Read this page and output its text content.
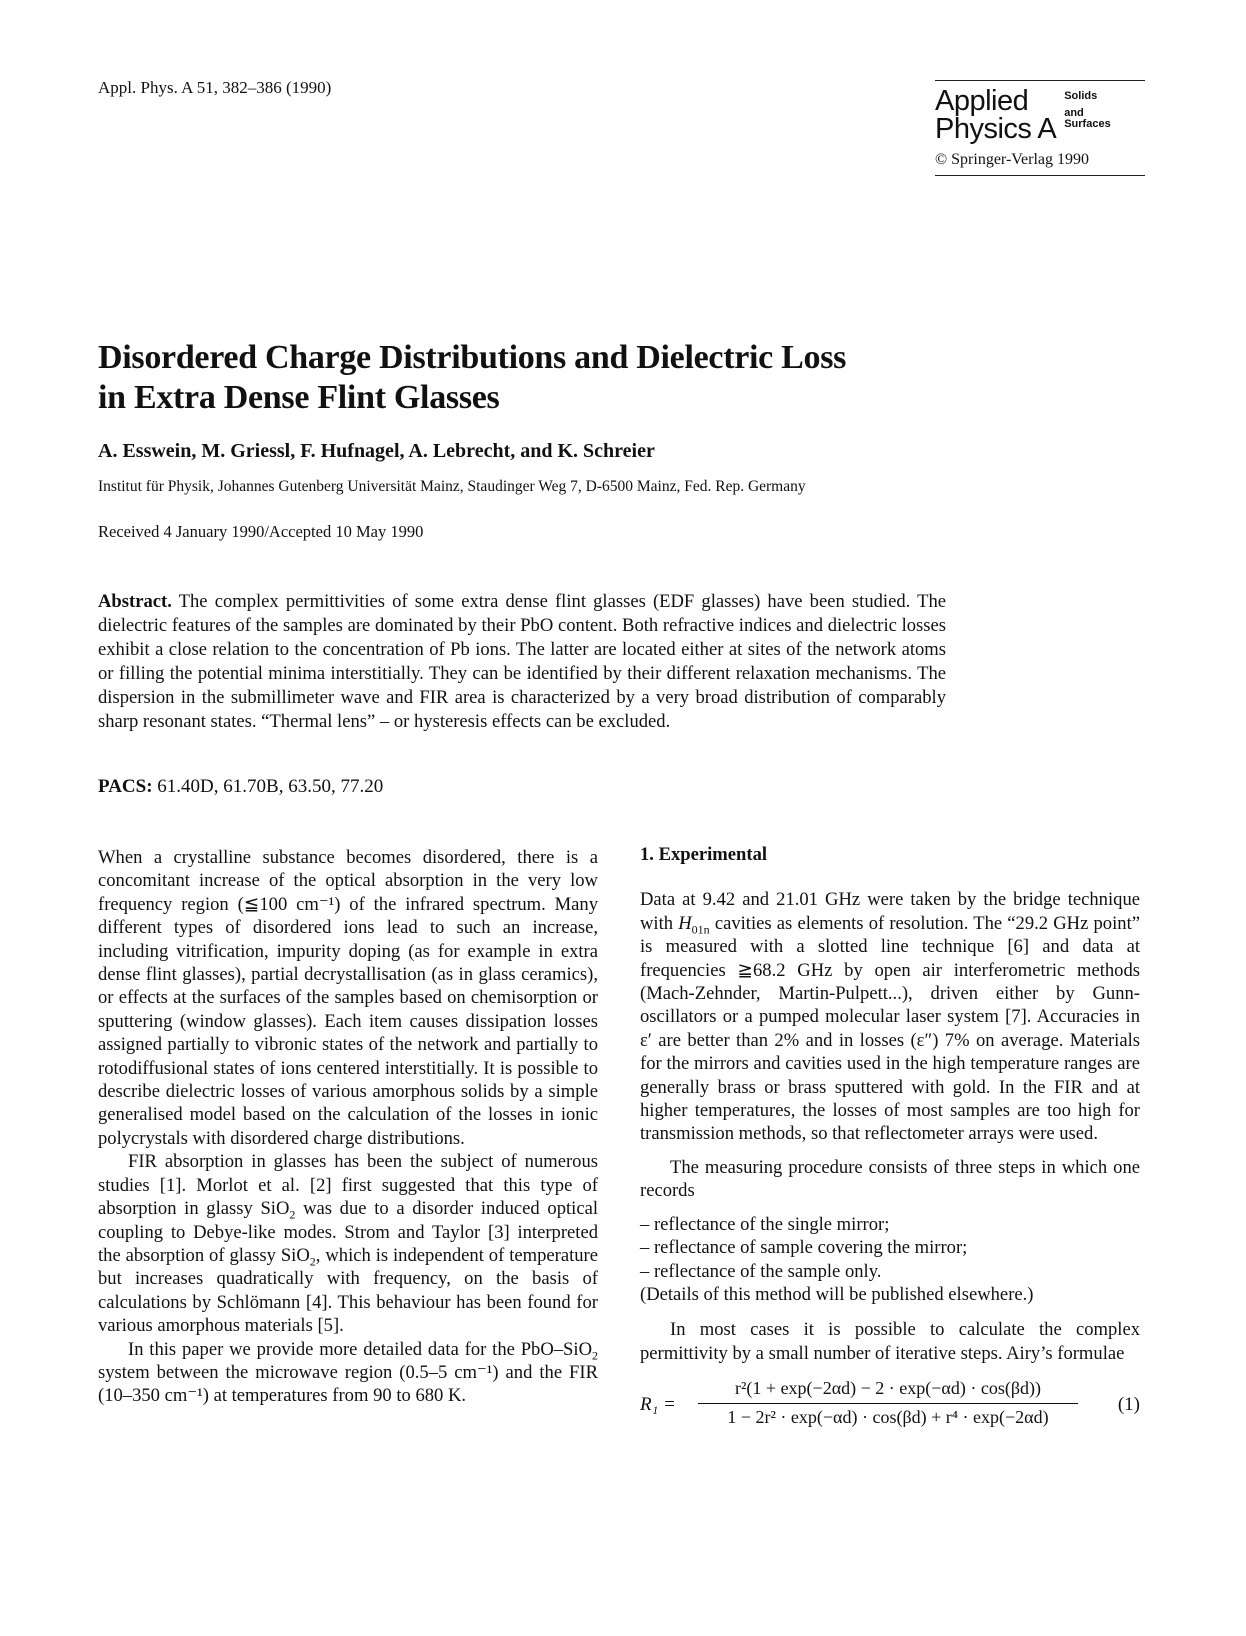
Appl. Phys. A 51, 382–386 (1990)	Applied
Physics A
Solids
and
Surfaces
© Springer-Verlag 1990
Disordered Charge Distributions and Dielectric Loss
in Extra Dense Flint Glasses
A. Esswein, M. Griessl, F. Hufnagel, A. Lebrecht, and K. Schreier
Institut für Physik, Johannes Gutenberg Universität Mainz, Staudinger Weg 7, D-6500 Mainz, Fed. Rep. Germany
Received 4 January 1990/Accepted 10 May 1990
Abstract. The complex permittivities of some extra dense flint glasses (EDF glasses) have been studied. The dielectric features of the samples are dominated by their PbO content. Both refractive indices and dielectric losses exhibit a close relation to the concentration of Pb ions. The latter are located either at sites of the network atoms or filling the potential minima interstitially. They can be identified by their different relaxation mechanisms. The dispersion in the submillimeter wave and FIR area is characterized by a very broad distribution of comparably sharp resonant states. “Thermal lens” – or hysteresis effects can be excluded.
PACS: 61.40D, 61.70B, 63.50, 77.20

When a crystalline substance becomes disordered, there is a concomitant increase of the optical absorption in the very low frequency region (≦100 cm⁻¹) of the infrared spectrum. Many different types of disordered ions lead to such an increase, including vitrification, impurity doping (as for example in extra dense flint glasses), partial decrystallisation (as in glass ceramics), or effects at the surfaces of the samples based on chemisorption or sputtering (window glasses). Each item causes dissipation losses assigned partially to vibronic states of the network and partially to rotodiffusional states of ions centered interstitially. It is possible to describe dielectric losses of various amorphous solids by a simple generalised model based on the calculation of the losses in ionic polycrystals with disordered charge distributions.

FIR absorption in glasses has been the subject of numerous studies [1]. Morlot et al. [2] first suggested that this type of absorption in glassy SiO$_2$ was due to a disorder induced optical coupling to Debye-like modes. Strom and Taylor [3] interpreted the absorption of glassy SiO$_2$, which is independent of temperature but increases quadratically with frequency, on the basis of calculations by Schlömann [4]. This behaviour has been found for various amorphous materials [5].

In this paper we provide more detailed data for the PbO–SiO$_2$ system between the microwave region (0.5–5 cm⁻¹) and the FIR (10–350 cm⁻¹) at temperatures from 90 to 680 K.

1. Experimental

Data at 9.42 and 21.01 GHz were taken by the bridge technique with $H_{01n}$ cavities as elements of resolution. The “29.2 GHz point” is measured with a slotted line technique [6] and data at frequencies ≧68.2 GHz by open air interferometric methods (Mach-Zehnder, Martin-Pulpett...), driven either by Gunn-oscillators or a pumped molecular laser system [7]. Accuracies in ε′ are better than 2% and in losses (ε″) 7% on average. Materials for the mirrors and cavities used in the high temperature ranges are generally brass or brass sputtered with gold. In the FIR and at higher temperatures, the losses of most samples are too high for transmission methods, so that reflectometer arrays were used.

The measuring procedure consists of three steps in which one records

– reflectance of the single mirror;
– reflectance of sample covering the mirror;
– reflectance of the sample only.
(Details of this method will be published elsewhere.)

In most cases it is possible to calculate the complex permittivity by a small number of iterative steps. Airy’s formulae

$R_1 = \frac{\text{r²(1 + exp(−2αd) − 2 · exp(−αd) · cos(βd))}}{\text{1 − 2r² · exp(−αd) · cos(βd) + r⁴ · exp(−2αd)}} (1)$
